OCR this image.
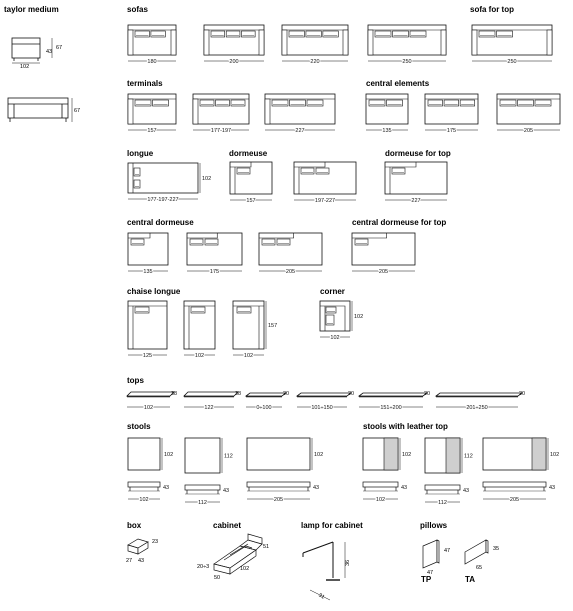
taylor medium
102
43
67
67
sofas	sofa for top
terminals	central elements
longue	dormeuse	dormeuse for top
central dormeuse	central dormeuse for top
chaise longue	corner
tops
stools	stools with leather top
box	cabinet	lamp for cabinet	pillows
180	200	220	250	250
157	177-197	227	135	175	205
177-197-227
102
157	197-227	227
135	175	205	205
125	102	102
157
102
102
38
102
38
122
20
0÷100
20
101÷150
20
151÷200
20
201÷250
102
43
102
112
43
112
102
43
205
102
43
102
112
43
112
102
43
205
23
27 43
51
102
20÷3
50
36
31
47
47
TP
35
65
TA
